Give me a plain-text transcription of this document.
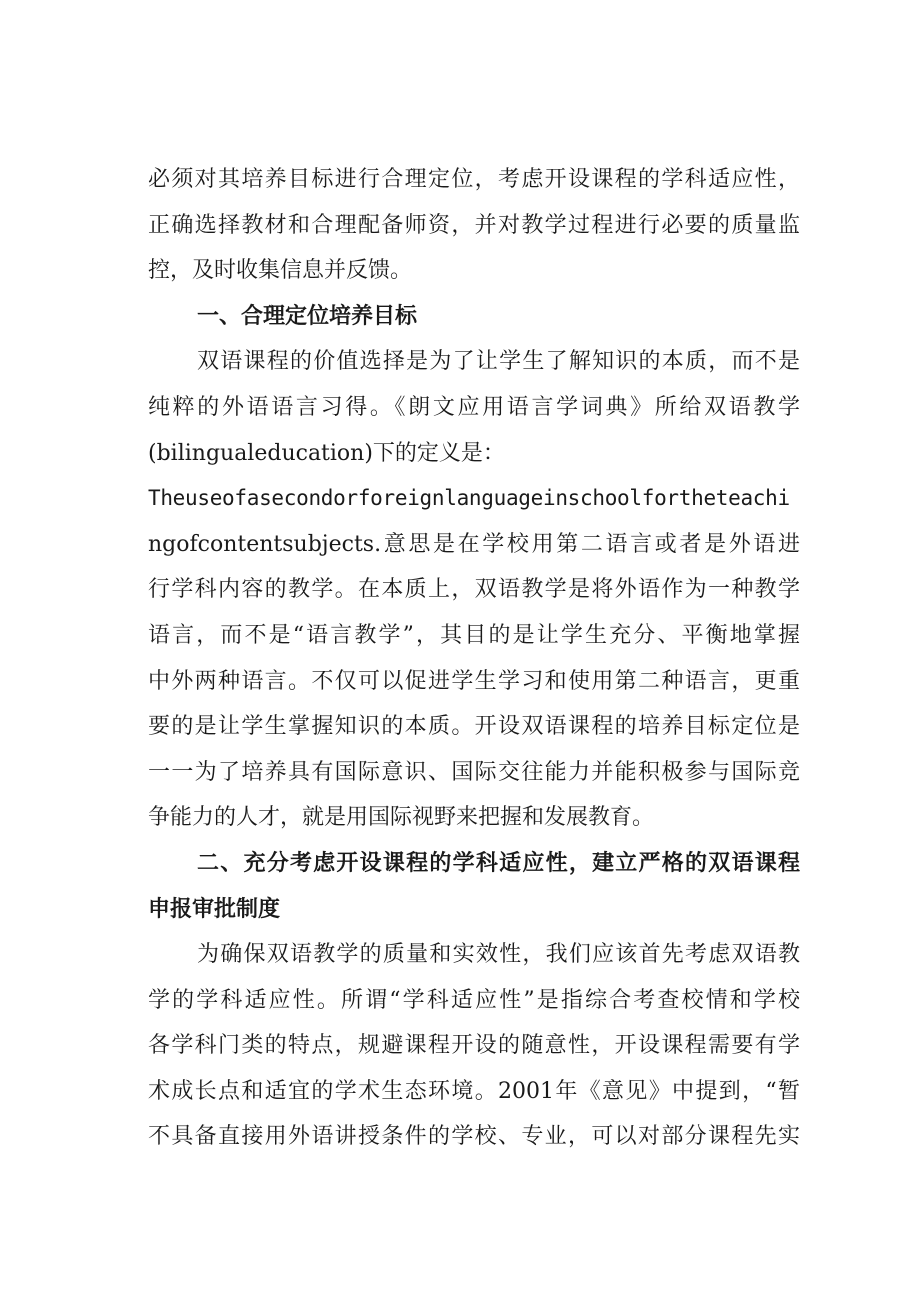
必须对其培养目标进行合理定位，考虑开设课程的学科适应性，
正确选择教材和合理配备师资，并对教学过程进行必要的质量监
控，及时收集信息并反馈。
一、合理定位培养目标
双语课程的价值选择是为了让学生了解知识的本质，而不是
纯粹的外语语言习得。《朗文应用语言学词典》所给双语教学
(bilingualeducation)下的定义是：
Theuseofasecondorforeignlanguageinschoolfortheteachi
ngofcontentsubjects.意思是在学校用第二语言或者是外语进
行学科内容的教学。在本质上，双语教学是将外语作为一种教学
语言，而不是“语言教学”，其目的是让学生充分、平衡地掌握
中外两种语言。不仅可以促进学生学习和使用第二种语言，更重
要的是让学生掌握知识的本质。开设双语课程的培养目标定位是
一一为了培养具有国际意识、国际交往能力并能积极参与国际竞
争能力的人才，就是用国际视野来把握和发展教育。
二、充分考虑开设课程的学科适应性，建立严格的双语课程
申报审批制度
为确保双语教学的质量和实效性，我们应该首先考虑双语教
学的学科适应性。所谓“学科适应性”是指综合考查校情和学校
各学科门类的特点，规避课程开设的随意性，开设课程需要有学
术成长点和适宜的学术生态环境。2001年《意见》中提到，“暂
不具备直接用外语讲授条件的学校、专业，可以对部分课程先实
